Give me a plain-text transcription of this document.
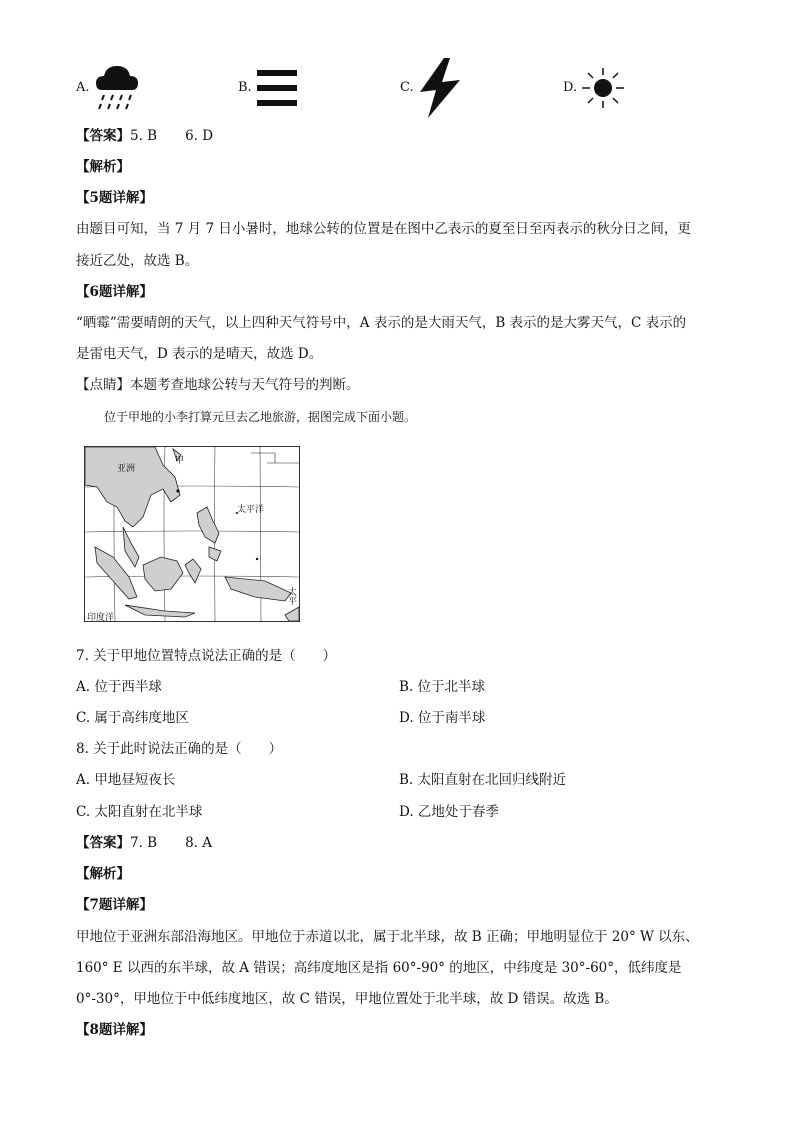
A.	B.	C.	D.
【答案】5. B 6. D
【解析】
【5题详解】
由题目可知，当 7 月 7 日小暑时，地球公转的位置是在图中乙表示的夏至日至丙表示的秋分日之间，更
接近乙处，故选 B。
【6题详解】
“晒霉”需要晴朗的天气，以上四种天气符号中，A 表示的是大雨天气，B 表示的是大雾天气，C 表示的
是雷电天气，D 表示的是晴天，故选 D。
【点睛】本题考查地球公转与天气符号的判断。
位于甲地的小李打算元旦去乙地旅游，据图完成下面小题。
亚洲
甲
太平洋
印度洋
太平
7. 关于甲地位置特点说法正确的是（　　）
A. 位于西半球	B. 位于北半球
C. 属于高纬度地区	D. 位于南半球
8. 关于此时说法正确的是（　　）
A. 甲地昼短夜长	B. 太阳直射在北回归线附近
C. 太阳直射在北半球	D. 乙地处于春季
【答案】7. B 8. A
【解析】
【7题详解】
甲地位于亚洲东部沿海地区。甲地位于赤道以北，属于北半球，故 B 正确；甲地明显位于 20° W 以东、
160° E 以西的东半球，故 A 错误；高纬度地区是指 60°-90° 的地区，中纬度是 30°-60°，低纬度是
0°-30°，甲地位于中低纬度地区，故 C 错误，甲地位置处于北半球，故 D 错误。故选 B。
【8题详解】
